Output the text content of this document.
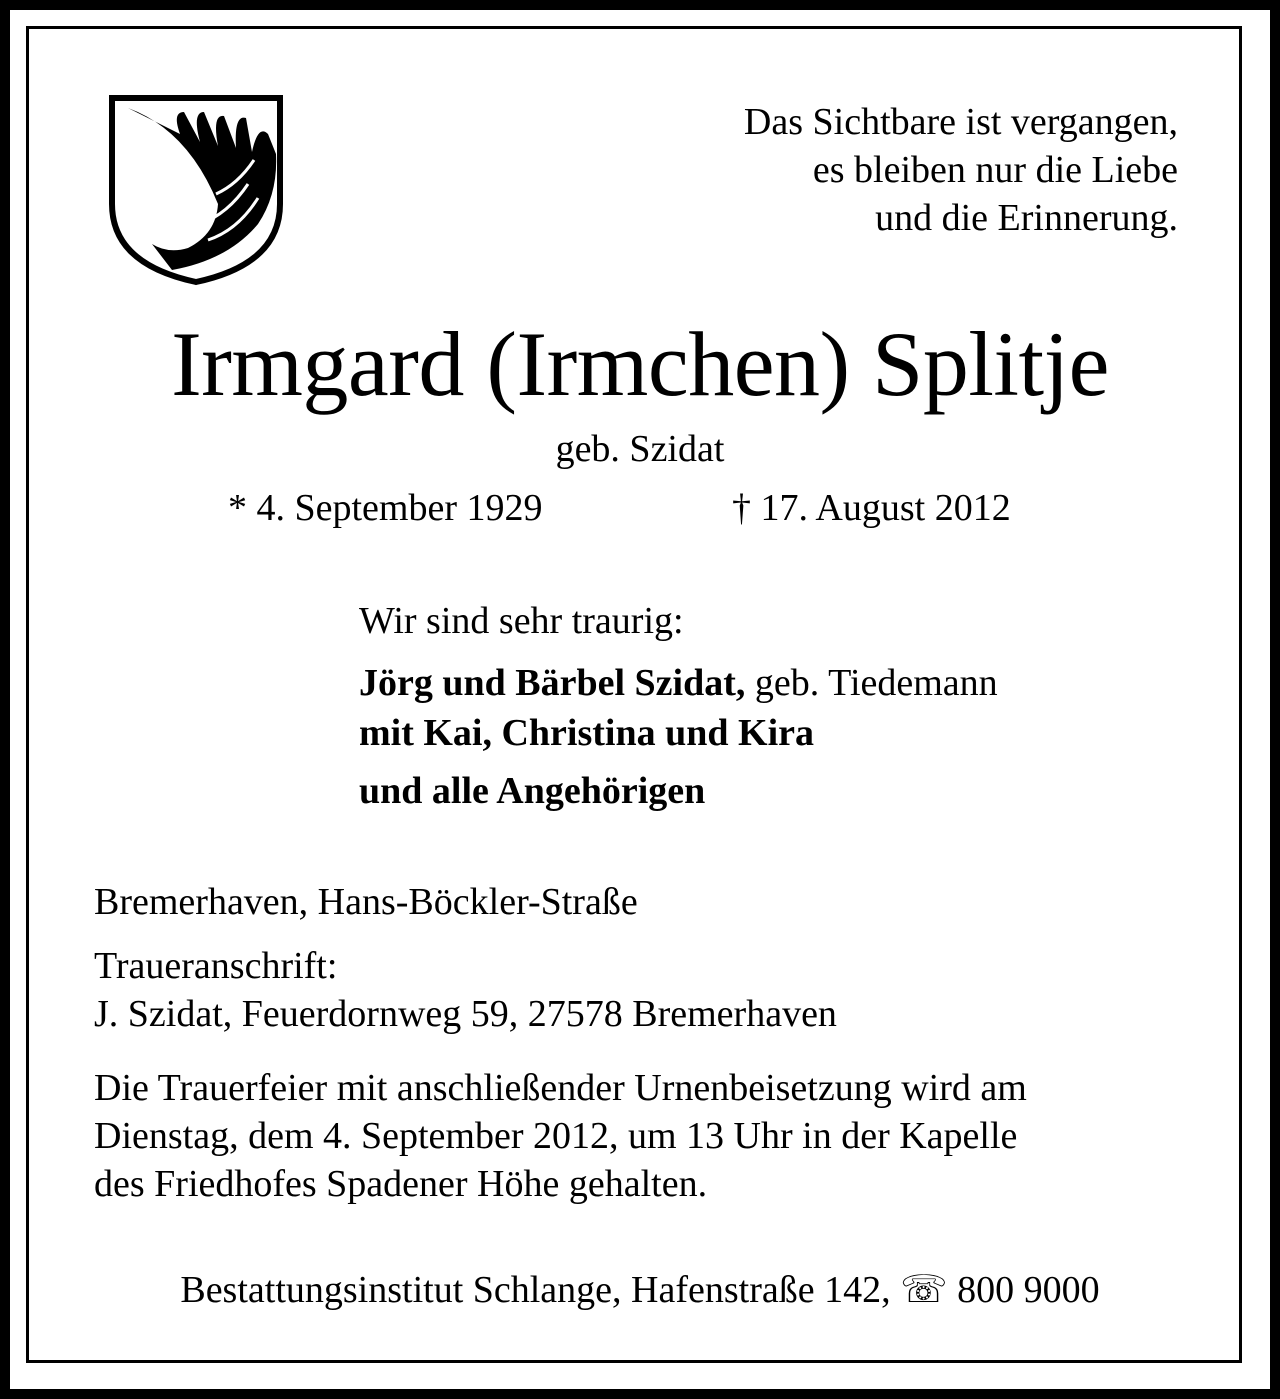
Das Sichtbare ist vergangen,
es bleiben nur die Liebe
und die Erinnerung.
Irmgard (Irmchen) Splitje
geb. Szidat
* 4. September 1929	† 17. August 2012
Wir sind sehr traurig:
Jörg und Bärbel Szidat, geb. Tiedemann
mit Kai, Christina und Kira
und alle Angehörigen
Bremerhaven, Hans-Böckler-Straße
Traueranschrift:
J. Szidat, Feuerdornweg 59, 27578 Bremerhaven
Die Trauerfeier mit anschließender Urnenbeisetzung wird am
Dienstag, dem 4. September 2012, um 13 Uhr in der Kapelle
des Friedhofes Spadener Höhe gehalten.
Bestattungsinstitut Schlange, Hafenstraße 142, ☏ 800 9000
